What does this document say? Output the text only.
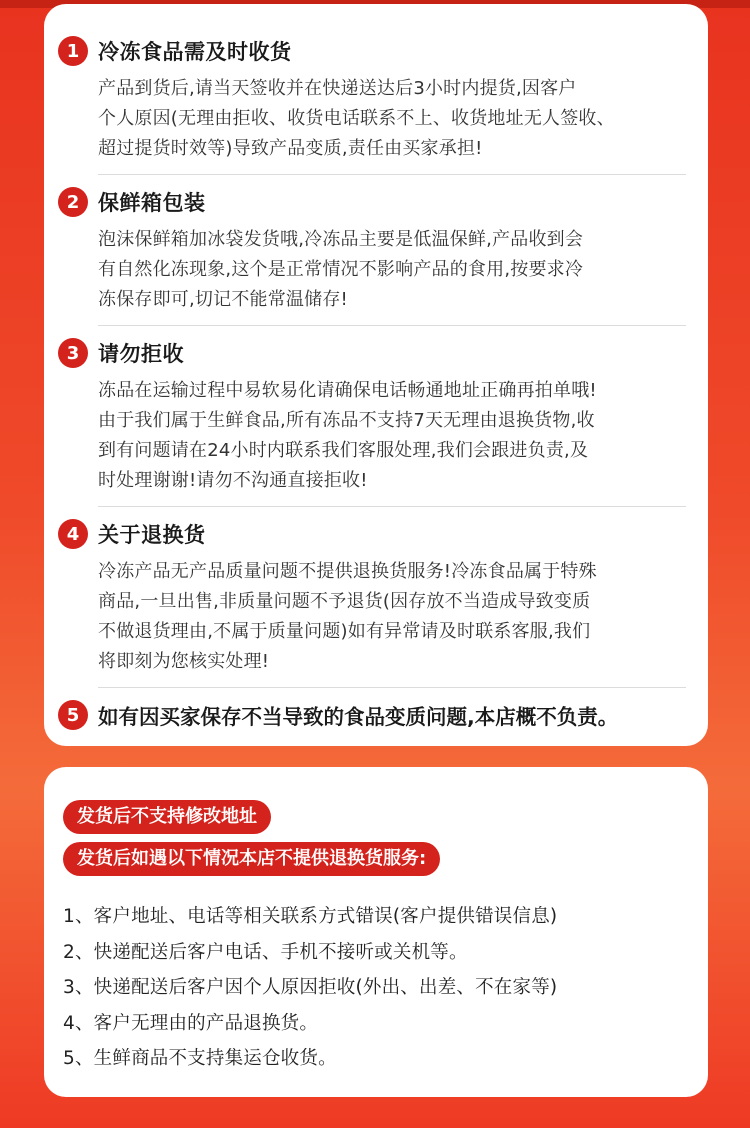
1 冷冻食品需及时收货
产品到货后,请当天签收并在快递送达后3小时内提货,因客户
个人原因(无理由拒收、收货电话联系不上、收货地址无人签收、
超过提货时效等)导致产品变质,责任由买家承担!
2 保鲜箱包装
泡沫保鲜箱加冰袋发货哦,冷冻品主要是低温保鲜,产品收到会
有自然化冻现象,这个是正常情况不影响产品的食用,按要求冷
冻保存即可,切记不能常温储存!
3 请勿拒收
冻品在运输过程中易软易化请确保电话畅通地址正确再拍单哦!
由于我们属于生鲜食品,所有冻品不支持7天无理由退换货物,收
到有问题请在24小时内联系我们客服处理,我们会跟进负责,及
时处理谢谢!请勿不沟通直接拒收!
4 关于退换货
冷冻产品无产品质量问题不提供退换货服务!冷冻食品属于特殊
商品,一旦出售,非质量问题不予退货(因存放不当造成导致变质
不做退货理由,不属于质量问题)如有异常请及时联系客服,我们
将即刻为您核实处理!
5 如有因买家保存不当导致的食品变质问题,本店概不负责。
发货后不支持修改地址
发货后如遇以下情况本店不提供退换货服务:
1、客户地址、电话等相关联系方式错误(客户提供错误信息)
2、快递配送后客户电话、手机不接听或关机等。
3、快递配送后客户因个人原因拒收(外出、出差、不在家等)
4、客户无理由的产品退换货。
5、生鲜商品不支持集运仓收货。
